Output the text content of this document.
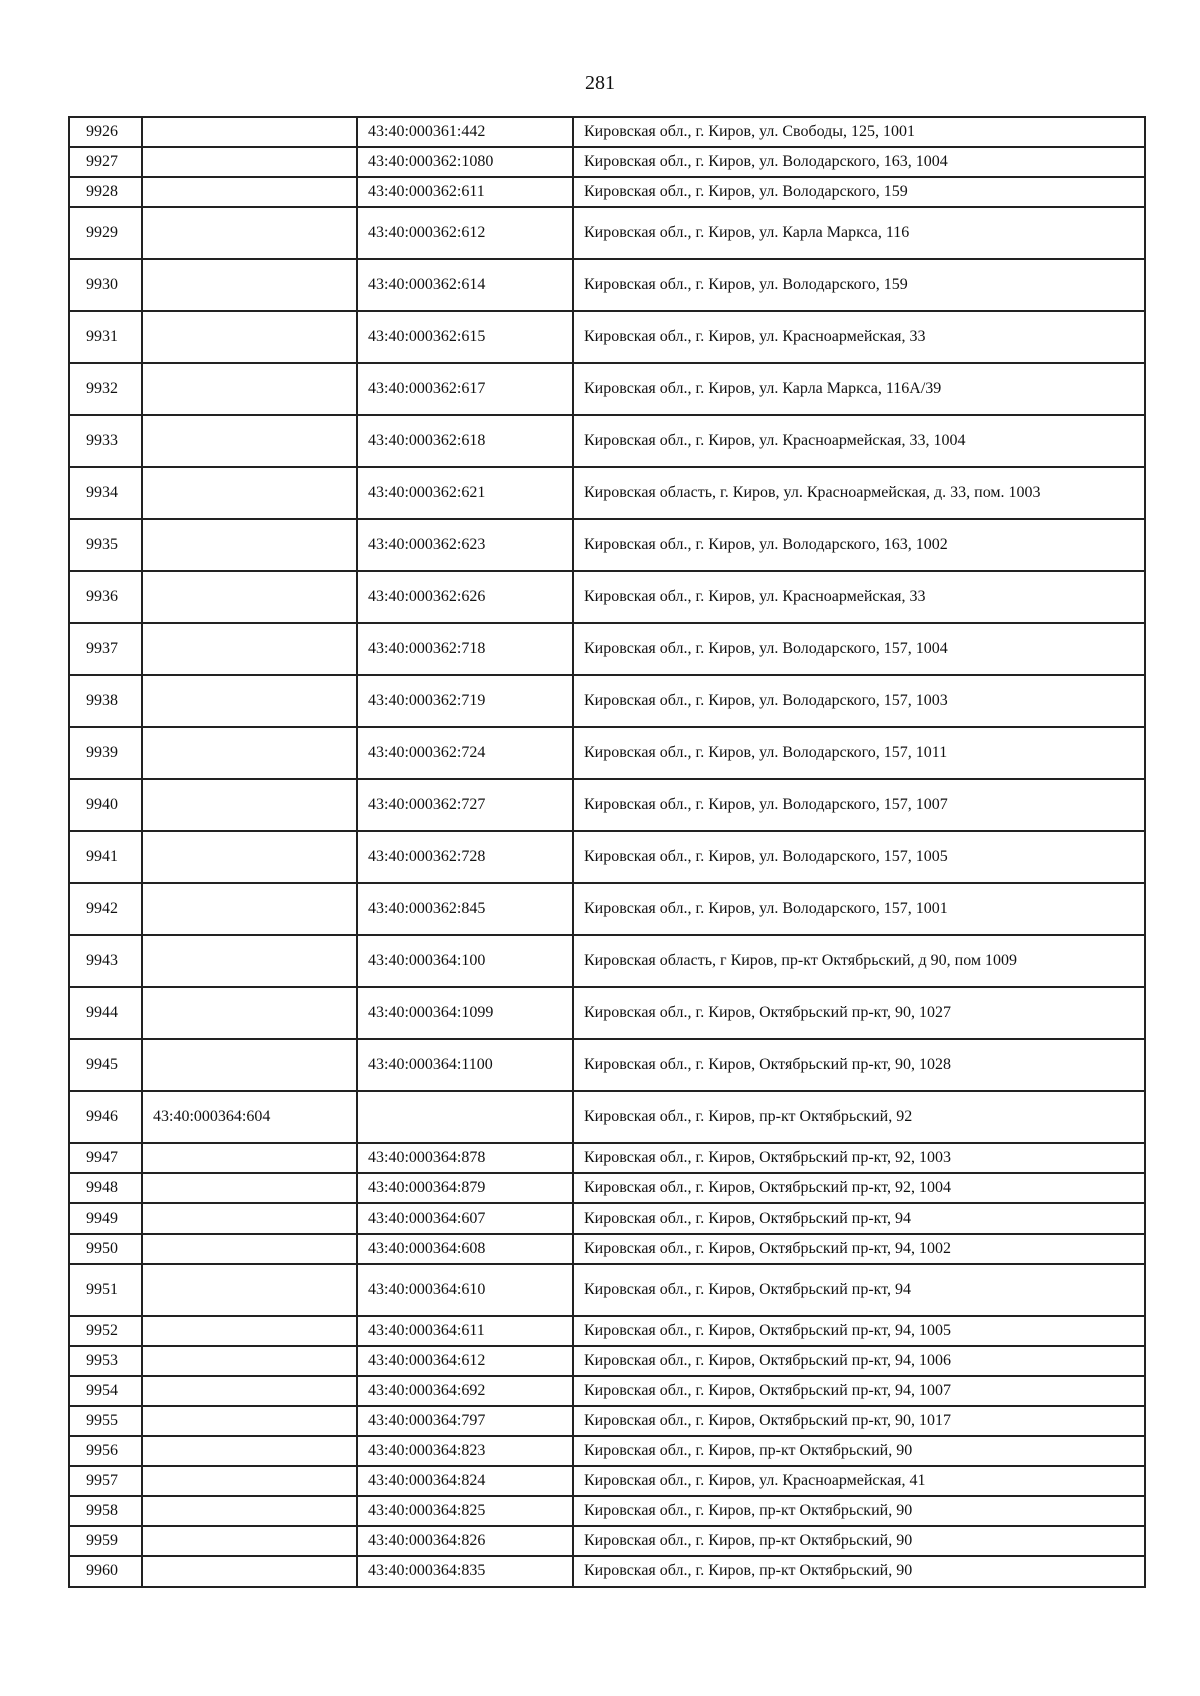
281
9926		43:40:000361:442	Кировская обл., г. Киров, ул. Свободы, 125, 1001
9927		43:40:000362:1080	Кировская обл., г. Киров, ул. Володарского, 163, 1004
9928		43:40:000362:611	Кировская обл., г. Киров, ул. Володарского, 159
9929		43:40:000362:612	Кировская обл., г. Киров, ул. Карла Маркса, 116
9930		43:40:000362:614	Кировская обл., г. Киров, ул. Володарского, 159
9931		43:40:000362:615	Кировская обл., г. Киров, ул. Красноармейская, 33
9932		43:40:000362:617	Кировская обл., г. Киров, ул. Карла Маркса, 116А/39
9933		43:40:000362:618	Кировская обл., г. Киров, ул. Красноармейская, 33, 1004
9934		43:40:000362:621	Кировская область, г. Киров, ул. Красноармейская, д. 33, пом. 1003
9935		43:40:000362:623	Кировская обл., г. Киров, ул. Володарского, 163, 1002
9936		43:40:000362:626	Кировская обл., г. Киров, ул. Красноармейская, 33
9937		43:40:000362:718	Кировская обл., г. Киров, ул. Володарского, 157, 1004
9938		43:40:000362:719	Кировская обл., г. Киров, ул. Володарского, 157, 1003
9939		43:40:000362:724	Кировская обл., г. Киров, ул. Володарского, 157, 1011
9940		43:40:000362:727	Кировская обл., г. Киров, ул. Володарского, 157, 1007
9941		43:40:000362:728	Кировская обл., г. Киров, ул. Володарского, 157, 1005
9942		43:40:000362:845	Кировская обл., г. Киров, ул. Володарского, 157, 1001
9943		43:40:000364:100	Кировская область, г Киров, пр-кт Октябрьский, д 90, пом 1009
9944		43:40:000364:1099	Кировская обл., г. Киров, Октябрьский пр-кт, 90, 1027
9945		43:40:000364:1100	Кировская обл., г. Киров, Октябрьский пр-кт, 90, 1028
9946	43:40:000364:604		Кировская обл., г. Киров, пр-кт Октябрьский, 92
9947		43:40:000364:878	Кировская обл., г. Киров, Октябрьский пр-кт, 92, 1003
9948		43:40:000364:879	Кировская обл., г. Киров, Октябрьский пр-кт, 92, 1004
9949		43:40:000364:607	Кировская обл., г. Киров, Октябрьский пр-кт, 94
9950		43:40:000364:608	Кировская обл., г. Киров, Октябрьский пр-кт, 94, 1002
9951		43:40:000364:610	Кировская обл., г. Киров, Октябрьский пр-кт, 94
9952		43:40:000364:611	Кировская обл., г. Киров, Октябрьский пр-кт, 94, 1005
9953		43:40:000364:612	Кировская обл., г. Киров, Октябрьский пр-кт, 94, 1006
9954		43:40:000364:692	Кировская обл., г. Киров, Октябрьский пр-кт, 94, 1007
9955		43:40:000364:797	Кировская обл., г. Киров, Октябрьский пр-кт, 90, 1017
9956		43:40:000364:823	Кировская обл., г. Киров, пр-кт Октябрьский, 90
9957		43:40:000364:824	Кировская обл., г. Киров, ул. Красноармейская, 41
9958		43:40:000364:825	Кировская обл., г. Киров, пр-кт Октябрьский, 90
9959		43:40:000364:826	Кировская обл., г. Киров, пр-кт Октябрьский, 90
9960		43:40:000364:835	Кировская обл., г. Киров, пр-кт Октябрьский, 90
